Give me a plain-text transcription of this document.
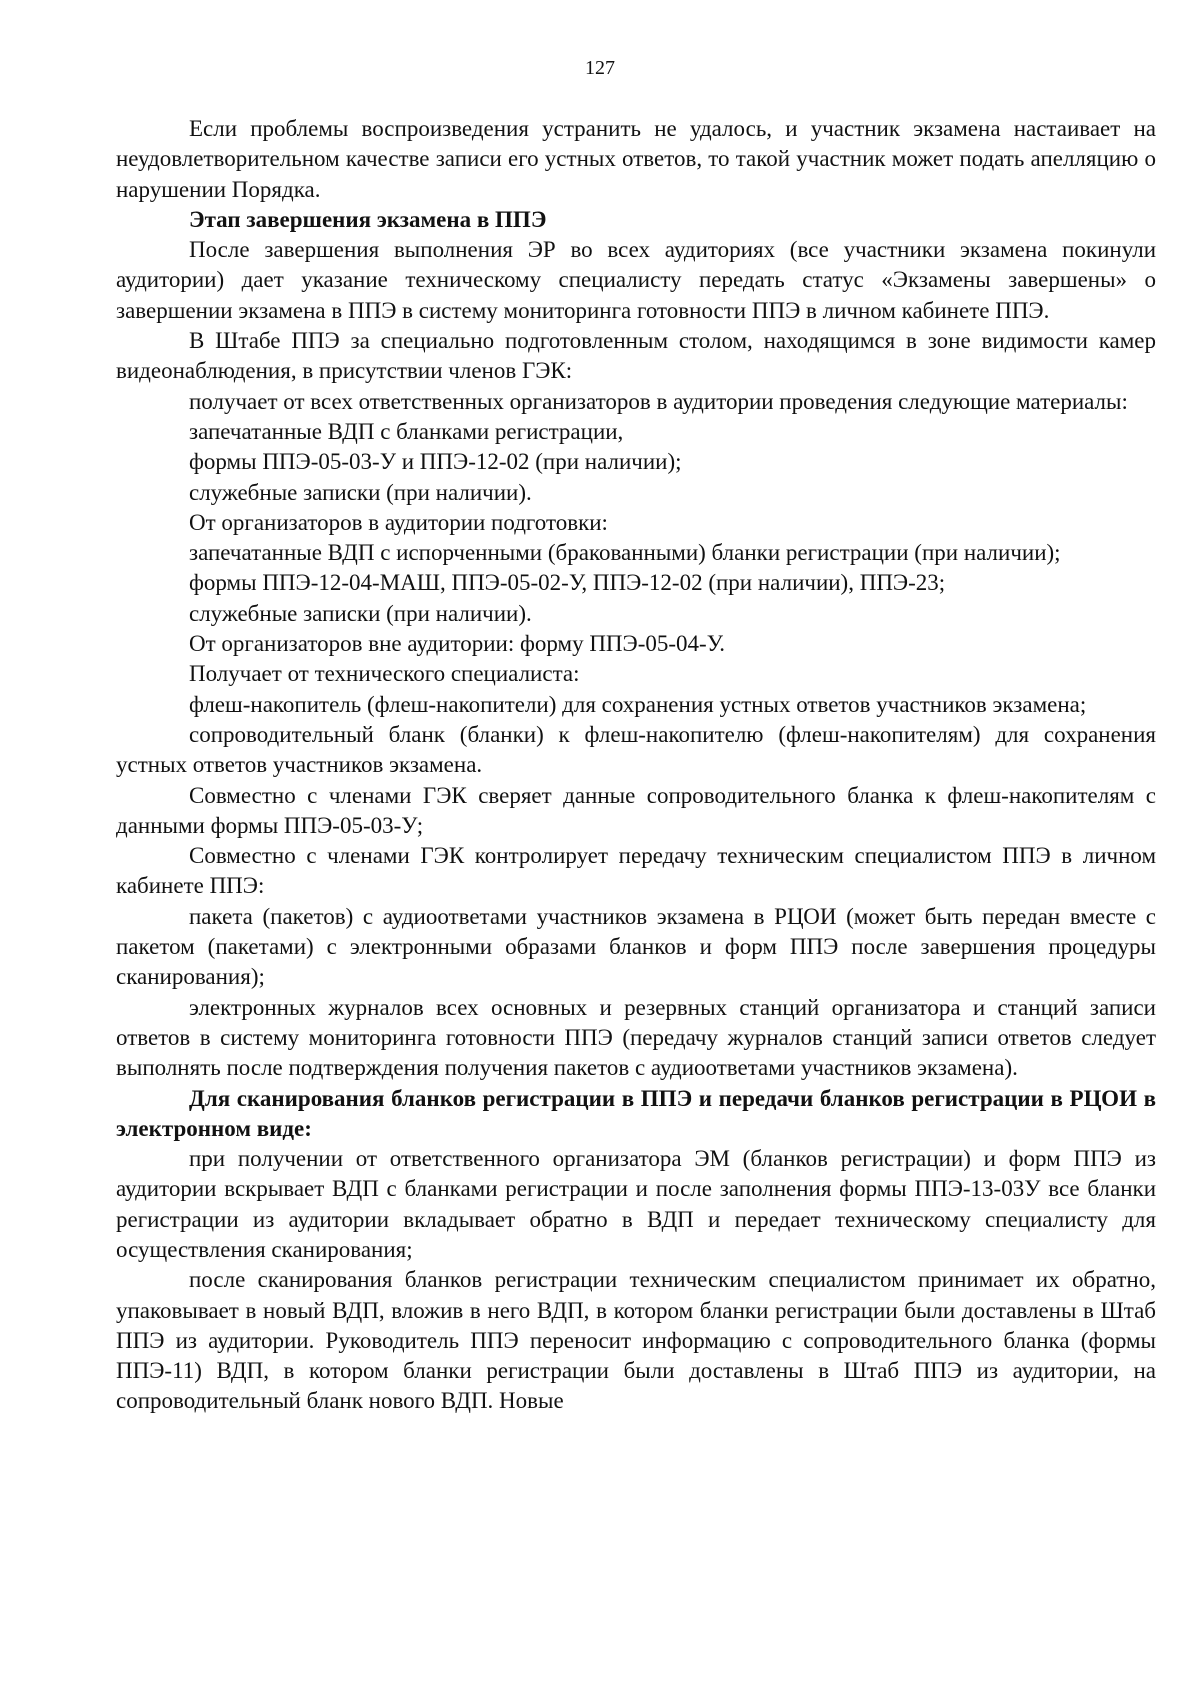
127

Если проблемы воспроизведения устранить не удалось, и участник экзамена настаивает на неудовлетворительном качестве записи его устных ответов, то такой участник может подать апелляцию о нарушении Порядка.

Этап завершения экзамена в ППЭ

После завершения выполнения ЭР во всех аудиториях (все участники экзамена покинули аудитории) дает указание техническому специалисту передать статус «Экзамены завершены» о завершении экзамена в ППЭ в систему мониторинга готовности ППЭ в личном кабинете ППЭ.

В Штабе ППЭ за специально подготовленным столом, находящимся в зоне видимости камер видеонаблюдения, в присутствии членов ГЭК:

получает от всех ответственных организаторов в аудитории проведения следующие материалы:

запечатанные ВДП с бланками регистрации,

формы ППЭ-05-03-У и ППЭ-12-02 (при наличии);

служебные записки (при наличии).

От организаторов в аудитории подготовки:

запечатанные ВДП с испорченными (бракованными) бланки регистрации (при наличии);

формы ППЭ-12-04-МАШ, ППЭ-05-02-У, ППЭ-12-02 (при наличии), ППЭ-23;

служебные записки (при наличии).

От организаторов вне аудитории: форму ППЭ-05-04-У.

Получает от технического специалиста:

флеш-накопитель (флеш-накопители) для сохранения устных ответов участников экзамена;

сопроводительный бланк (бланки) к флеш-накопителю (флеш-накопителям) для сохранения устных ответов участников экзамена.

Совместно с членами ГЭК сверяет данные сопроводительного бланка к флеш-накопителям с данными формы ППЭ-05-03-У;

Совместно с членами ГЭК контролирует передачу техническим специалистом ППЭ в личном кабинете ППЭ:

пакета (пакетов) с аудиоответами участников экзамена в РЦОИ (может быть передан вместе с пакетом (пакетами) с электронными образами бланков и форм ППЭ после завершения процедуры сканирования);

электронных журналов всех основных и резервных станций организатора и станций записи ответов в систему мониторинга готовности ППЭ (передачу журналов станций записи ответов следует выполнять после подтверждения получения пакетов с аудиоответами участников экзамена).

Для сканирования бланков регистрации в ППЭ и передачи бланков регистрации в РЦОИ в электронном виде:

при получении от ответственного организатора ЭМ (бланков регистрации) и форм ППЭ из аудитории вскрывает ВДП с бланками регистрации и после заполнения формы ППЭ-13-03У все бланки регистрации из аудитории вкладывает обратно в ВДП и передает техническому специалисту для осуществления сканирования;

после сканирования бланков регистрации техническим специалистом принимает их обратно, упаковывает в новый ВДП, вложив в него ВДП, в котором бланки регистрации были доставлены в Штаб ППЭ из аудитории. Руководитель ППЭ переносит информацию с сопроводительного бланка (формы ППЭ-11) ВДП, в котором бланки регистрации были доставлены в Штаб ППЭ из аудитории, на сопроводительный бланк нового ВДП. Новые
